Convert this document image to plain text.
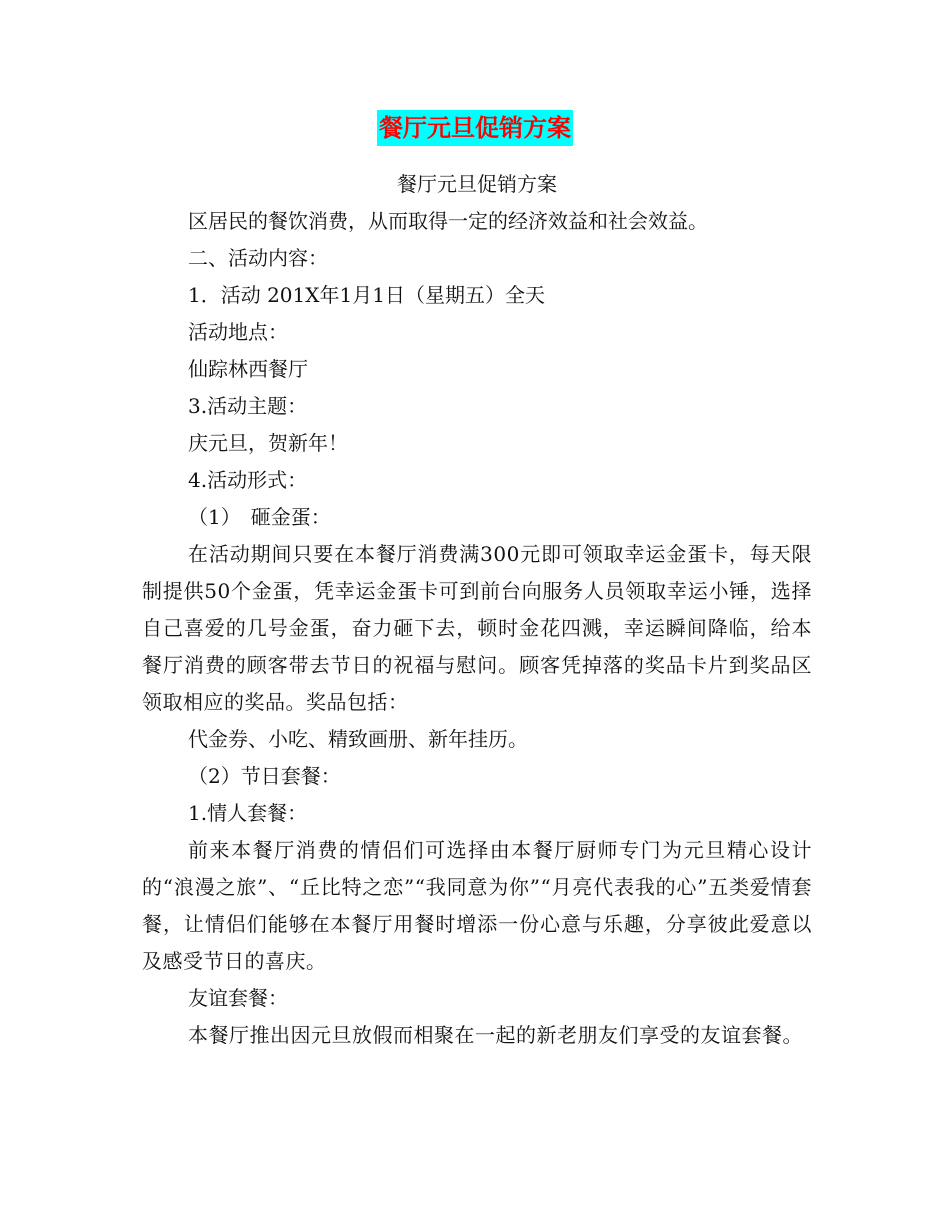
餐厅元旦促销方案

餐厅元旦促销方案

区居民的餐饮消费，从而取得一定的经济效益和社会效益。

二、活动内容：

1．活动 201X年1月1日（星期五）全天

活动地点：

仙踪林西餐厅

3.活动主题：

庆元旦，贺新年！

4.活动形式：

（1）　砸金蛋：

在活动期间只要在本餐厅消费满300元即可领取幸运金蛋卡，每天限制提供50个金蛋，凭幸运金蛋卡可到前台向服务人员领取幸运小锤，选择自己喜爱的几号金蛋，奋力砸下去，顿时金花四溅，幸运瞬间降临，给本餐厅消费的顾客带去节日的祝福与慰问。顾客凭掉落的奖品卡片到奖品区领取相应的奖品。奖品包括：

代金券、小吃、精致画册、新年挂历。

（2）节日套餐：

1.情人套餐：

前来本餐厅消费的情侣们可选择由本餐厅厨师专门为元旦精心设计的“浪漫之旅”、“丘比特之恋”“我同意为你”“月亮代表我的心”五类爱情套餐，让情侣们能够在本餐厅用餐时增添一份心意与乐趣，分享彼此爱意以及感受节日的喜庆。

友谊套餐：

本餐厅推出因元旦放假而相聚在一起的新老朋友们享受的友谊套餐。
